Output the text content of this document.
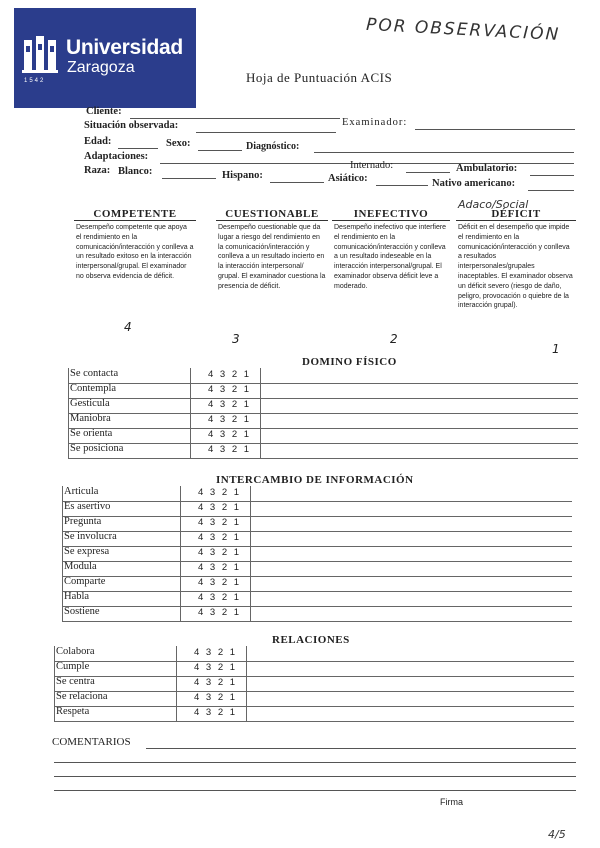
Universidad
Zaragoza
1542
POR OBSERVACIÓN
Hoja de Puntuación ACIS
Cliente:
Situación observada:	Examinador:
Edad:	Sexo:	Diagnóstico:
Adaptaciones:
Internado:	Ambulatorio:
Raza: Blanco:	Hispano:	Asiático:	Nativo americano:
Adaco/Social
COMPETENTE
Desempeño competente que apoya el rendimiento en la comunicación/interacción y conlleva a un resultado exitoso en la interacción interpersonal/grupal. El examinador no observa evidencia de déficit.
4
CUESTIONABLE
Desempeño cuestionable que da lugar a riesgo del rendimiento en la comunicación/interacción y conlleva a un resultado incierto en la interacción interpersonal/ grupal. El examinador cuestiona la presencia de déficit.
3
INEFECTIVO
Desempeño inefectivo que interfiere el rendimiento en la comunicación/interacción y conlleva a un resultado indeseable en la interacción interpersonal/grupal. El examinador observa déficit leve a moderado.
2
DÉFICIT
Déficit en el desempeño que impide el rendimiento en la comunicación/interacción y conlleva a resultados interpersonales/grupales inaceptables. El examinador observa un déficit severo (riesgo de daño, peligro, provocación o quiebre de la interacción grupal).
1
DOMINO FÍSICO
INTERCAMBIO DE INFORMACIÓN
RELACIONES
Se contacta	4 3 2 1
Contempla	4 3 2 1
Gesticula	4 3 2 1
Maniobra	4 3 2 1
Se orienta	4 3 2 1
Se posiciona	4 3 2 1
Articula	4 3 2 1
Es asertivo	4 3 2 1
Pregunta	4 3 2 1
Se involucra	4 3 2 1
Se expresa	4 3 2 1
Modula	4 3 2 1
Comparte	4 3 2 1
Habla	4 3 2 1
Sostiene	4 3 2 1
Colabora	4 3 2 1
Cumple	4 3 2 1
Se centra	4 3 2 1
Se relaciona	4 3 2 1
Respeta	4 3 2 1
COMENTARIOS
Firma
4/5
